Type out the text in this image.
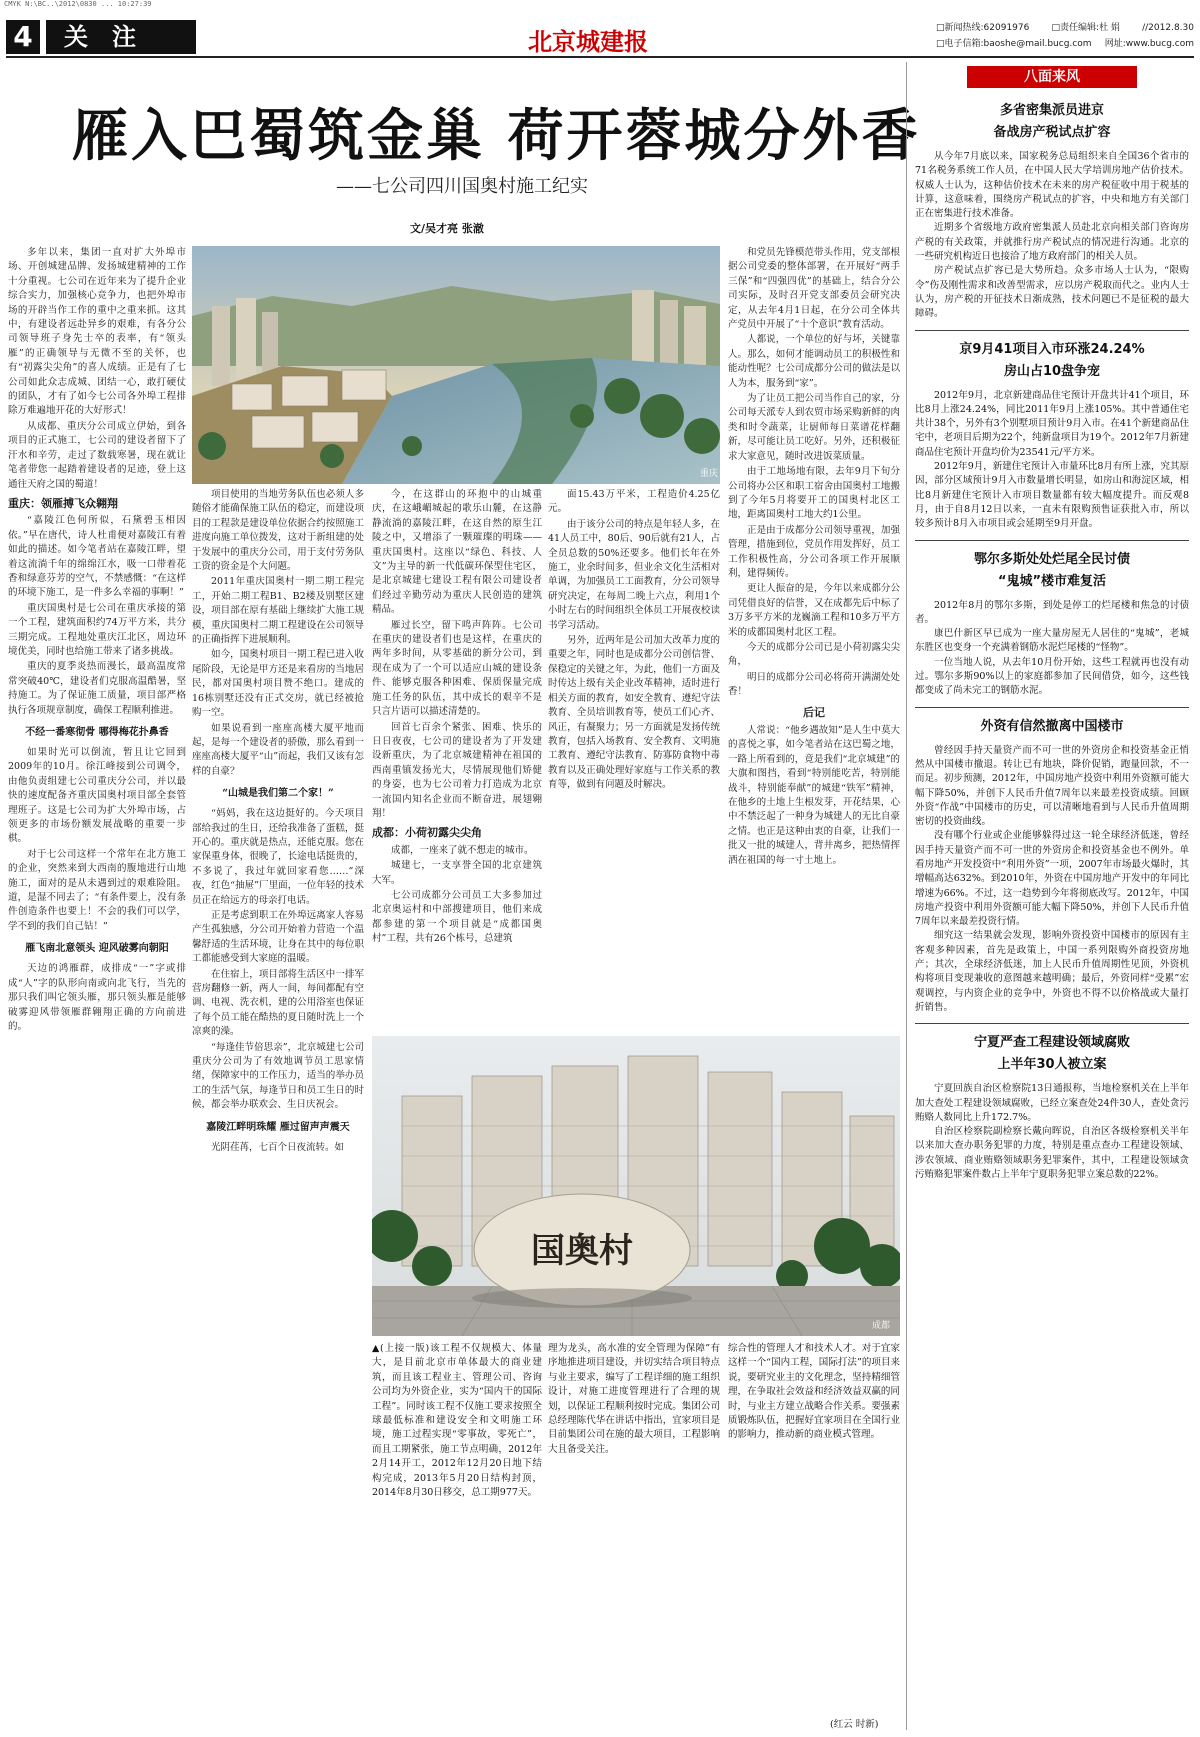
CMYK N:\BC..\2012\0830 ... 10:27:39
4	关注	北京城建报	□新闻热线:62091976 □责任编辑:杜 娟 //2012.8.30
□电子信箱:baoshe@mail.bucg.com 网址:www.bucg.com
雁入巴蜀筑金巢 荷开蓉城分外香
——七公司四川国奥村施工纪实
文/吴才亮 张澈

多年以来，集团一直对扩大外埠市场、开创城建品牌、发扬城建精神的工作十分重视。七公司在近年来为了提升企业综合实力，加强核心竞争力，也把外埠市场的开辟当作工作的重中之重来抓。这其中，有建设者远赴异乡的艰难，有各分公司领导班子身先士卒的表率，有“领头雁”的正确领导与无微不至的关怀，也有“初露尖尖角”的喜人成绩。正是有了七公司如此众志成城、团结一心，敢打硬仗的团队，才有了如今七公司各外埠工程排除万难遍地开花的大好形式！

从成都、重庆分公司成立伊始，到各项目的正式施工，七公司的建设者留下了汗水和辛劳，走过了数载寒暑，现在就让笔者带您一起踏着建设者的足迹，登上这通往天府之国的蜀道！

重庆：领雁搏飞众翱翔

“嘉陵江色何所似，石黛碧玉相因依。”早在唐代，诗人杜甫便对嘉陵江有着如此的描述。如今笔者站在嘉陵江畔，望着这流淌千年的绵绵江水，吸一口带着花香和绿意芬芳的空气，不禁感慨：“在这样的环境下施工，是一件多么幸福的事啊！”

重庆国奥村是七公司在重庆承接的第一个工程，建筑面积约74万平方米，共分三期完成。工程地处重庆江北区，周边环境优美，同时也给施工带来了诸多挑战。

重庆的夏季炎热而漫长，最高温度常常突破40℃，建设者们克服高温酷暑，坚持施工。为了保证施工质量，项目部严格执行各项规章制度，确保工程顺利推进。

不经一番寒彻骨 哪得梅花扑鼻香

如果时光可以倒流，暂且让它回到2009年的10月。徐江峰接到公司调令，由他负责组建七公司重庆分公司，并以最快的速度配备齐重庆国奥村项目部全套管理班子。这是七公司为扩大外埠市场，占领更多的市场份额发展战略的重要一步棋。

对于七公司这样一个常年在北方施工的企业，突然来到大西南的腹地进行山地施工，面对的是从未遇到过的艰难险阻。道，是湿不同去了；“有条件要上，没有条件创造条件也要上！不会的我们可以学，学不到的我们自己钻！”

雁飞南北意领头 迎风破雾向朝阳

天边的鸿雁群，成排成“一”字或排成“人”字的队形向南或向北飞行，当先的那只我们叫它领头雁，那只领头雁是能够破雾迎风带领雁群翱翔正确的方向前进的。

重庆

项目使用的当地劳务队伍也必须人多随俗才能确保施工队伍的稳定，而建设项目的工程款是建设单位依据合约按照施工进度向施工单位拨发，这对于新组建的处于发展中的重庆分公司，用于支付劳务队工资的资金是个大问题。

2011年重庆国奥村一期二期工程完工，开始二期工程B1、B2楼及别墅区建设，项目部在原有基础上继续扩大施工规模，重庆国奥村二期工程建设在公司领导的正确指挥下进展顺利。

如今，国奥村项目一期工程已进入收尾阶段，无论是甲方还是来看房的当地居民，都对国奥村项目赞不绝口。建成的16栋别墅还没有正式交房，就已经被抢购一空。

如果说看到一座座高楼大厦平地而起，是每一个建设者的骄傲，那么看到一座座高楼大厦平“山”而起，我们又该有怎样的自豪？

“山城是我们第二个家！”

“妈妈，我在这边挺好的。今天项目部给我过的生日，还给我准备了蛋糕，挺开心的。重庆就是热点，还能克服。您在家保重身体，很晚了，长途电话挺贵的，不多说了，我过年就回家看您……”深夜，红色“抽屉”厂里面，一位年轻的技术员正在给远方的母亲打电话。

正是考虑到职工在外埠远离家人容易产生孤独感，分公司开始着力营造一个温馨舒适的生活环境，让身在其中的每位职工都能感受到大家庭的温暖。

在住宿上，项目部将生活区中一排军营房翻修一新，两人一间，每间都配有空调、电视、洗衣机，建的公用浴室也保证了每个员工能在酷热的夏日随时洗上一个凉爽的澡。

“每逢佳节倍思亲”，北京城建七公司重庆分公司为了有效地调节员工思家情绪，保障家中的工作压力，适当的举办员工的生活气氛，每逢节日和员工生日的时候，都会举办联欢会、生日庆祝会。

嘉陵江畔明珠耀 雁过留声声震天

光阴荏苒，七百个日夜流转。如

今，在这群山的环抱中的山城重庆，在这峨嵋城起的歌乐山麓，在这静静流淌的嘉陵江畔，在这自然的原生江陵之中，又增添了一颗璀璨的明珠——重庆国奥村。这座以“绿色、科技、人文”为主导的新一代低碳环保型住宅区，是北京城建七建设工程有限公司建设者们经过辛勤劳动为重庆人民创造的建筑精品。

雁过长空，留下鸣声阵阵。七公司在重庆的建设者们也是这样，在重庆的两年多时间，从零基础的新分公司，到现在成为了一个可以适应山城的建设条件、能够克服各种困难、保质保量完成施工任务的队伍，其中成长的艰辛不是只言片语可以描述清楚的。

回首七百余个紧张、困难、快乐的日日夜夜，七公司的建设者为了开发建设新重庆，为了北京城建精神在祖国的西南重镇发扬光大，尽情展现他们矫健的身姿，也为七公司着力打造成为北京一流国内知名企业而不断奋进，展翅翱翔！

成都：小荷初露尖尖角

成都，一座来了就不想走的城市。

城建七，一支享誉全国的北京建筑大军。

七公司成都分公司员工大多参加过北京奥运村和中部搜建项目，他们来成都参建的第一个项目就是“成都国奥村”工程，共有26个栋号，总建筑

面15.43万平米，工程造价4.25亿元。

由于该分公司的特点是年轻人多，在41人员工中，80后、90后就有21人，占全员总数的50%还要多。他们长年在外施工，业余时间多，但业余文化生活相对单调，为加强员工工面教育，分公司领导研究决定，在每周二晚上六点，利用1个小时左右的时间组织全体员工开展夜校读书学习活动。

另外，近两年是公司加大改革力度的重要之年，同时也是成都分公司创信誉、保稳定的关键之年，为此，他们一方面及时传达上级有关企业改革精神，适时进行相关方面的教育，如安全教育、遵纪守法教育、全员培训教育等，使员工们心齐、风正，有凝聚力；另一方面就是发扬传统教育，包括入场教育、安全教育、文明施工教育、遵纪守法教育、防寡防食物中毒教育以及正确处理好家庭与工作关系的教育等，做到有问题及时解决。

和党员先锋模范带头作用，党支部根据公司党委的整体部署，在开展好“两手三保”和“四强四优”的基础上，结合分公司实际，及时召开党支部委员会研究决定，从去年4月1日起，在分公司全体共产党员中开展了“十个意识”教育活动。

人都说，一个单位的好与坏，关键靠人。那么，如何才能调动员工的积极性和能动性呢？七公司成都分公司的做法是以人为本，服务到“家”。

为了让员工把公司当作自己的家，分公司每天派专人到农贸市场采购新鲜的肉类和时令蔬菜，让厨师每日菜谱花样翻新，尽可能让员工吃好。另外，还积极征求大家意见，随时改进饭菜质量。

由于工地场地有限，去年9月下旬分公司将办公区和职工宿舍由国奥村工地搬到了今年5月将要开工的国奥村北区工地，距离国奥村工地大约1公里。

正是由于成都分公司领导重视，加强管理，措施到位，党员作用发挥好，员工工作积极性高，分公司各项工作开展顺利，建得频传。

更让人振奋的是，今年以来成都分公司凭借良好的信誉，又在成都先后中标了3万多平方米的龙巍滴工程和10多万平方米的成都国奥村北区工程。

今天的成都分公司已是小荷初露尖尖角，

明日的成都分公司必将荷开满湖处处香！

后记

人常说：“他乡遇故知”是人生中莫大的喜悦之事，如今笔者站在这巴蜀之地，一路上所看到的，竟是我们“北京城建”的大旗和图挡，看到“特别能吃苦，特别能战斗，特别能奉献”的城建“铁军”精神，在他乡的土地上生根发芽，开花结果，心中不禁泛起了一种身为城建人的无比自豪之情。也正是这种由衷的自豪，让我们一批又一批的城建人，背井离乡，把热情挥洒在祖国的每一寸土地上。

国奥村
成都
▲(上接一版)该工程不仅规模大、体量大，是目前北京市单体最大的商业建筑，而且该工程业主、管理公司、咨询公司均为外资企业，实为“国内干的国际工程”。同时该工程不仅施工要求按照全球最低标准和建设安全和文明施工环境，施工过程实现“零事故，零死亡”，而且工期紧张，施工节点明确，2012年2月14开工，2012年12月20日地下结构完成，2013年5月20日结构封顶，2014年8月30日移交，总工期977天。
理为龙头，高水准的安全管理为保障”有序地推进项目建设，并切实结合项目特点与业主要求，编写了工程详细的施工组织设计，对施工进度管理进行了合理的规划，以保证工程顺利按时完成。集团公司总经理陈代华在讲话中指出，宜家项目是目前集团公司在施的最大项目，工程影响大且备受关注。
综合性的管理人才和技术人才。对于宜家这样一个“国内工程，国际打法”的项目来说，要研究业主的文化理念，坚持精细管理，在争取社会效益和经济效益双赢的同时，与业主方建立战略合作关系。要强素质锻炼队伍，把握好宜家项目在全国行业的影响力，推动新的商业模式管理。
(红云 时新)
八面来风
多省密集派员进京
备战房产税试点扩容

从今年7月底以来，国家税务总局组织来自全国36个省市的71名税务系统工作人员，在中国人民大学培训房地产估价技术。权威人士认为，这种估价技术在未来的房产税征收中用于税基的计算，这意味着，围绕房产税试点的扩容，中央和地方有关部门正在密集进行技术准备。

近期多个省级地方政府密集派人员赴北京向相关部门咨询房产税的有关政策，并就推行房产税试点的情况进行沟通。北京的一些研究机构近日也接洽了地方政府部门的相关人员。

房产税试点扩容已是大势所趋。众多市场人士认为，“限购令”伤及刚性需求和改善型需求，应以房产税取而代之。业内人士认为，房产税的开征技术日渐成熟，技术问题已不是征税的最大障碍。

京9月41项目入市环涨24.24%
房山占10盘争宠

2012年9月，北京新建商品住宅预计开盘共计41个项目，环比8月上涨24.24%，同比2011年9月上涨105%。其中普通住宅共计38个，另外有3个别墅项目预计9月入市。在41个新建商品住宅中，老项目后期为22个，纯新盘项目为19个。2012年7月新建商品住宅预计开盘均价为23541元/平方米。

2012年9月，新建住宅预计入市量环比8月有所上涨，究其原因，部分区域预计9月入市数量增长明显，如房山和海淀区域，相比8月新建住宅预计入市项目数量都有较大幅度提升。而反观8月，由于自8月12日以来，一直未有限购预售证获批入市，所以较多预计8月入市项目或会延期至9月开盘。

鄂尔多斯处处烂尾全民讨债
“鬼城”楼市难复活

2012年8月的鄂尔多斯，到处是停工的烂尾楼和焦急的讨债者。

康巴什新区早已成为一座大量房屋无人居住的“鬼城”，老城东胜区也变身一个充满着钢筋水泥烂尾楼的“怪物”。

一位当地人说，从去年10月份开始，这些工程就再也没有动过。鄂尔多斯90%以上的家庭都参加了民间借贷，如今，这些钱都变成了尚未完工的钢筋水泥。

外资有信然撤离中国楼市

曾经因手持天量资产而不可一世的外资房企和投资基金正悄然从中国楼市撤退。转让已有地块，降价促销，跑量回款，不一而足。初步预测，2012年，中国房地产投资中利用外资额可能大幅下降50%，并创下人民币升值7周年以来最差投资成绩。回顾外资“作战”中国楼市的历史，可以清晰地看到与人民币升值周期密切的投资曲线。

没有哪个行业或企业能够躲得过这一轮全球经济低迷，曾经因手持天量资产而不可一世的外资房企和投资基金也不例外。单看房地产开发投资中“利用外资”一项，2007年市场最火爆时，其增幅高达632%。到2010年，外资在中国房地产开发中的年同比增速为66%。不过，这一趋势到今年将彻底改写。2012年，中国房地产投资中利用外资额可能大幅下降50%，并创下人民币升值7周年以来最差投资行情。

细究这一结果就会发现，影响外资投资中国楼市的原因有主客观多种因素，首先是政策上，中国一系列限购外商投资房地产；其次，全球经济低迷，加上人民币升值周期性见顶，外资机构将项目变现兼收的意图越来越明确；最后，外资同样“受累”宏观调控，与内资企业的竞争中，外资也不得不以价格战或大量打折销售。

宁夏严查工程建设领域腐败
上半年30人被立案

宁夏回族自治区检察院13日通报称，当地检察机关在上半年加大查处工程建设领域腐败，已经立案查处24件30人，查处贪污贿赂人数同比上升172.7%。

自治区检察院副检察长戴向晖说，自治区各级检察机关半年以来加大查办职务犯罪的力度，特别是重点查办工程建设领域、涉农领域、商业贿赂领域职务犯罪案件，其中，工程建设领域贪污贿赂犯罪案件数占上半年宁夏职务犯罪立案总数的22%。
